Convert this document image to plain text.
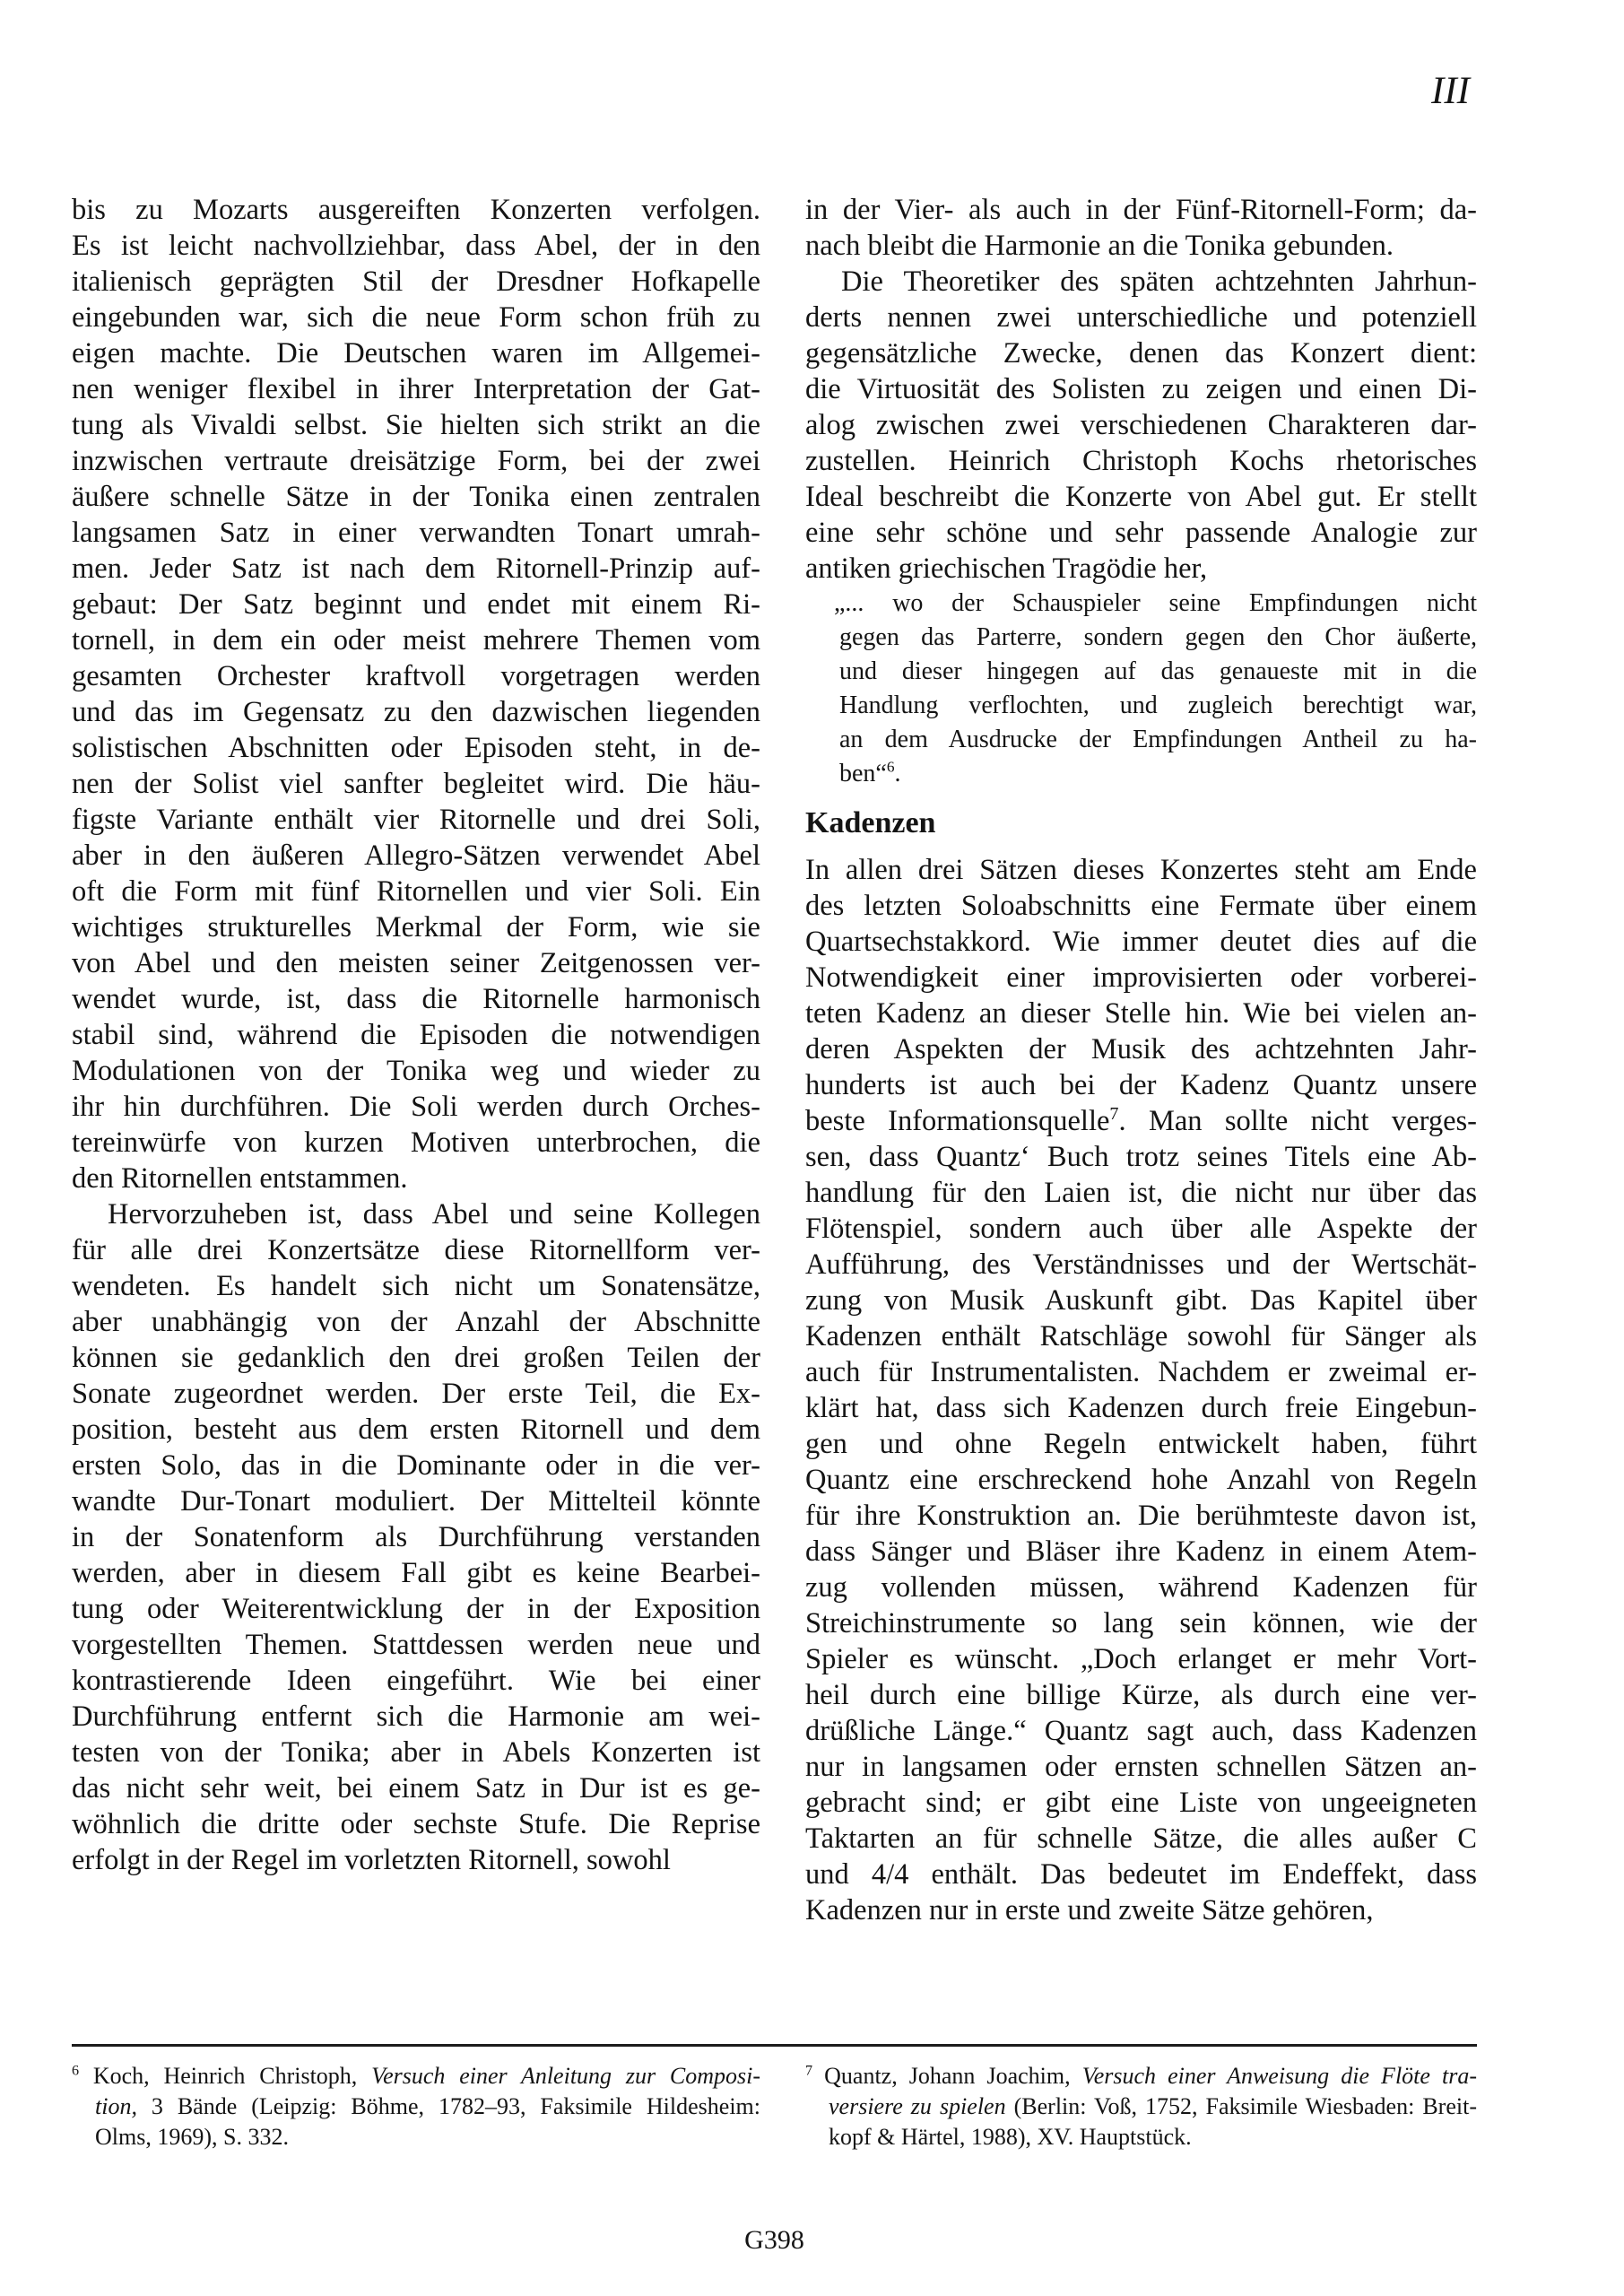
III
bis zu Mozarts ausgereiften Konzerten verfolgen.
Es ist leicht nachvollziehbar, dass Abel, der in den
italienisch geprägten Stil der Dresdner Hofkapelle
eingebunden war, sich die neue Form schon früh zu
eigen machte. Die Deutschen waren im Allgemei-
nen weniger flexibel in ihrer Interpretation der Gat-
tung als Vivaldi selbst. Sie hielten sich strikt an die
inzwischen vertraute dreisätzige Form, bei der zwei
äußere schnelle Sätze in der Tonika einen zentralen
langsamen Satz in einer verwandten Tonart umrah-
men. Jeder Satz ist nach dem Ritornell-Prinzip auf-
gebaut: Der Satz beginnt und endet mit einem Ri-
tornell, in dem ein oder meist mehrere Themen vom
gesamten Orchester kraftvoll vorgetragen werden
und das im Gegensatz zu den dazwischen liegenden
solistischen Abschnitten oder Episoden steht, in de-
nen der Solist viel sanfter begleitet wird. Die häu-
figste Variante enthält vier Ritornelle und drei Soli,
aber in den äußeren Allegro-Sätzen verwendet Abel
oft die Form mit fünf Ritornellen und vier Soli. Ein
wichtiges strukturelles Merkmal der Form, wie sie
von Abel und den meisten seiner Zeitgenossen ver-
wendet wurde, ist, dass die Ritornelle harmonisch
stabil sind, während die Episoden die notwendigen
Modulationen von der Tonika weg und wieder zu
ihr hin durchführen. Die Soli werden durch Orches-
tereinwürfe von kurzen Motiven unterbrochen, die
den Ritornellen entstammen.
Hervorzuheben ist, dass Abel und seine Kollegen
für alle drei Konzertsätze diese Ritornellform ver-
wendeten. Es handelt sich nicht um Sonatensätze,
aber unabhängig von der Anzahl der Abschnitte
können sie gedanklich den drei großen Teilen der
Sonate zugeordnet werden. Der erste Teil, die Ex-
position, besteht aus dem ersten Ritornell und dem
ersten Solo, das in die Dominante oder in die ver-
wandte Dur-Tonart moduliert. Der Mittelteil könnte
in der Sonatenform als Durchführung verstanden
werden, aber in diesem Fall gibt es keine Bearbei-
tung oder Weiterentwicklung der in der Exposition
vorgestellten Themen. Stattdessen werden neue und
kontrastierende Ideen eingeführt. Wie bei einer
Durchführung entfernt sich die Harmonie am wei-
testen von der Tonika; aber in Abels Konzerten ist
das nicht sehr weit, bei einem Satz in Dur ist es ge-
wöhnlich die dritte oder sechste Stufe. Die Reprise
erfolgt in der Regel im vorletzten Ritornell, sowohl
in der Vier- als auch in der Fünf-Ritornell-Form; da-
nach bleibt die Harmonie an die Tonika gebunden.
Die Theoretiker des späten achtzehnten Jahrhun-
derts nennen zwei unterschiedliche und potenziell
gegensätzliche Zwecke, denen das Konzert dient:
die Virtuosität des Solisten zu zeigen und einen Di-
alog zwischen zwei verschiedenen Charakteren dar-
zustellen. Heinrich Christoph Kochs rhetorisches
Ideal beschreibt die Konzerte von Abel gut. Er stellt
eine sehr schöne und sehr passende Analogie zur
antiken griechischen Tragödie her,
„... wo der Schauspieler seine Empfindungen nicht
gegen das Parterre, sondern gegen den Chor äußerte,
und dieser hingegen auf das genaueste mit in die
Handlung verflochten, und zugleich berechtigt war,
an dem Ausdrucke der Empfindungen Antheil zu ha-
ben“$^6$.
Kadenzen
In allen drei Sätzen dieses Konzertes steht am Ende
des letzten Soloabschnitts eine Fermate über einem
Quartsechstakkord. Wie immer deutet dies auf die
Notwendigkeit einer improvisierten oder vorberei-
teten Kadenz an dieser Stelle hin. Wie bei vielen an-
deren Aspekten der Musik des achtzehnten Jahr-
hunderts ist auch bei der Kadenz Quantz unsere
beste Informationsquelle$^7$. Man sollte nicht verges-
sen, dass Quantz‘ Buch trotz seines Titels eine Ab-
handlung für den Laien ist, die nicht nur über das
Flötenspiel, sondern auch über alle Aspekte der
Aufführung, des Verständnisses und der Wertschät-
zung von Musik Auskunft gibt. Das Kapitel über
Kadenzen enthält Ratschläge sowohl für Sänger als
auch für Instrumentalisten. Nachdem er zweimal er-
klärt hat, dass sich Kadenzen durch freie Eingebun-
gen und ohne Regeln entwickelt haben, führt
Quantz eine erschreckend hohe Anzahl von Regeln
für ihre Konstruktion an. Die berühmteste davon ist,
dass Sänger und Bläser ihre Kadenz in einem Atem-
zug vollenden müssen, während Kadenzen für
Streichinstrumente so lang sein können, wie der
Spieler es wünscht. „Doch erlanget er mehr Vort-
heil durch eine billige Kürze, als durch eine ver-
drüßliche Länge.“ Quantz sagt auch, dass Kadenzen
nur in langsamen oder ernsten schnellen Sätzen an-
gebracht sind; er gibt eine Liste von ungeeigneten
Taktarten an für schnelle Sätze, die alles außer C
und 4/4 enthält. Das bedeutet im Endeffekt, dass
Kadenzen nur in erste und zweite Sätze gehören,
$^6$ Koch, Heinrich Christoph, Versuch einer Anleitung zur Composi-
tion, 3 Bände (Leipzig: Böhme, 1782–93, Faksimile Hildesheim:
Olms, 1969), S. 332.
$^7$ Quantz, Johann Joachim, Versuch einer Anweisung die Flöte tra-
versiere zu spielen (Berlin: Voß, 1752, Faksimile Wiesbaden: Breit-
kopf & Härtel, 1988), XV. Hauptstück.
G398
